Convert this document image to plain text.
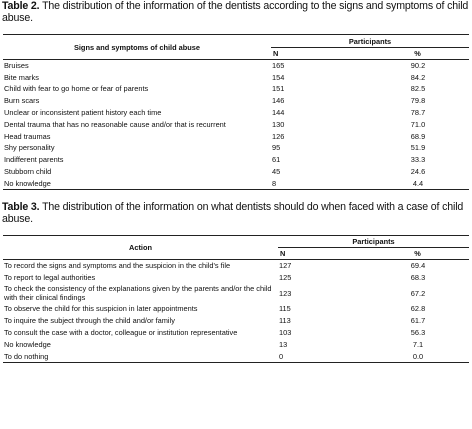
Table 2. The distribution of the information of the dentists according to the signs and symptoms of child abuse.
Signs and symptoms of child abuse	Participants	
	N	%
Bruises	165	90.2
Bite marks	154	84.2
Child with fear to go home or fear of parents	151	82.5
Burn scars	146	79.8
Unclear or inconsistent patient history each time	144	78.7
Dental trauma that has no reasonable cause and/or that is recurrent	130	71.0
Head traumas	126	68.9
Shy personality	95	51.9
Indifferent parents	61	33.3
Stubborn child	45	24.6
No knowledge	8	4.4
Table 3. The distribution of the information on what dentists should do when faced with a case of child abuse.
Action	Participants	
	N	%
To record the signs and symptoms and the suspicion in the child's file	127	69.4
To report to legal authorities	125	68.3
To check the consistency of the explanations given by the parents and/or the child with their clinical findings	123	67.2
To observe the child for this suspicion in later appointments	115	62.8
To inquire the subject through the child and/or family	113	61.7
To consult the case with a doctor, colleague or institution representative	103	56.3
No knowledge	13	7.1
To do nothing	0	0.0
